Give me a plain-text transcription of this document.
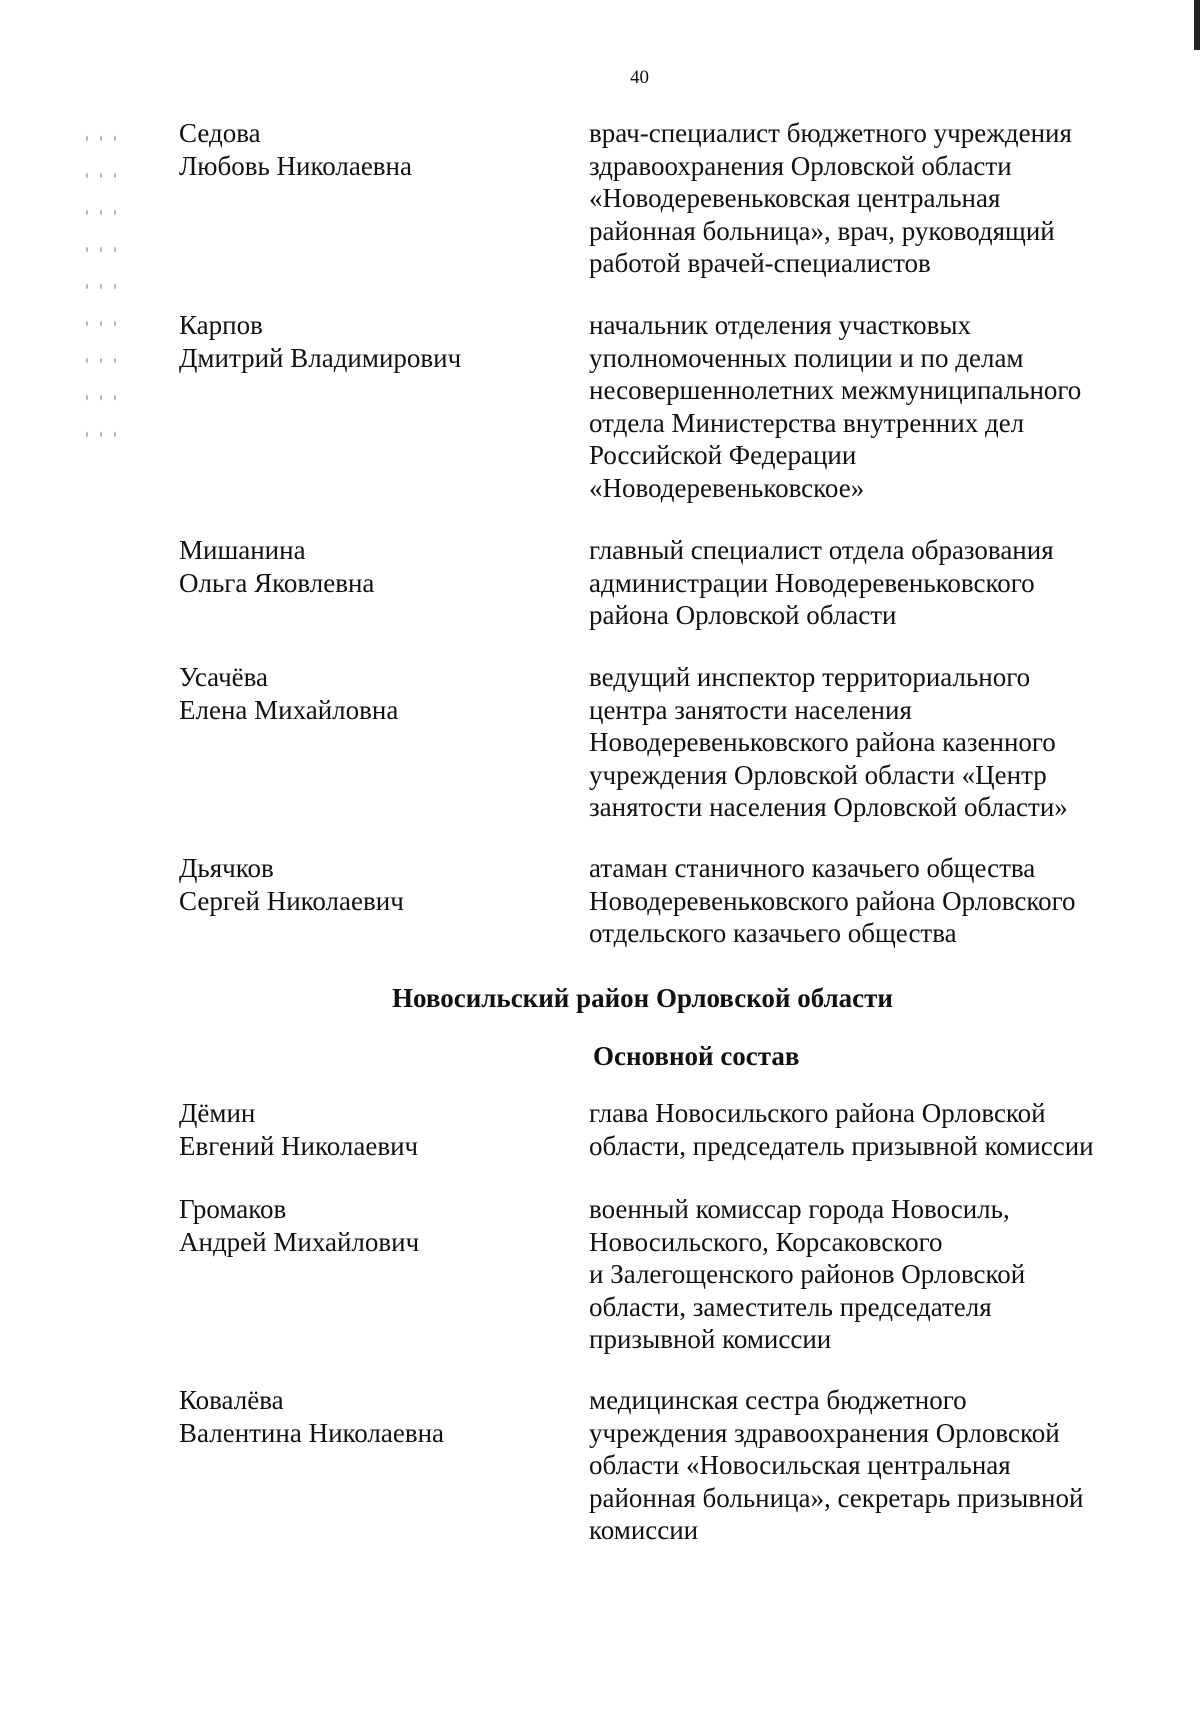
40
Седова
Любовь Николаевна
врач-специалист бюджетного учреждения
здравоохранения Орловской области
«Новодеревеньковская центральная
районная больница», врач, руководящий
работой врачей-специалистов
Карпов
Дмитрий Владимирович
начальник отделения участковых
уполномоченных полиции и по делам
несовершеннолетних межмуниципального
отдела Министерства внутренних дел
Российской Федерации
«Новодеревеньковское»
Мишанина
Ольга Яковлевна
главный специалист отдела образования
администрации Новодеревеньковского
района Орловской области
Усачёва
Елена Михайловна
ведущий инспектор территориального
центра занятости населения
Новодеревеньковского района казенного
учреждения Орловской области «Центр
занятости населения Орловской области»
Дьячков
Сергей Николаевич
атаман станичного казачьего общества
Новодеревеньковского района Орловского
отдельского казачьего общества
Новосильский район Орловской области
Основной состав
Дёмин
Евгений Николаевич
глава Новосильского района Орловской
области, председатель призывной комиссии
Громаков
Андрей Михайлович
военный комиссар города Новосиль,
Новосильского, Корсаковского
и Залегощенского районов Орловской
области, заместитель председателя
призывной комиссии
Ковалёва
Валентина Николаевна
медицинская сестра бюджетного
учреждения здравоохранения Орловской
области «Новосильская центральная
районная больница», секретарь призывной
комиссии
